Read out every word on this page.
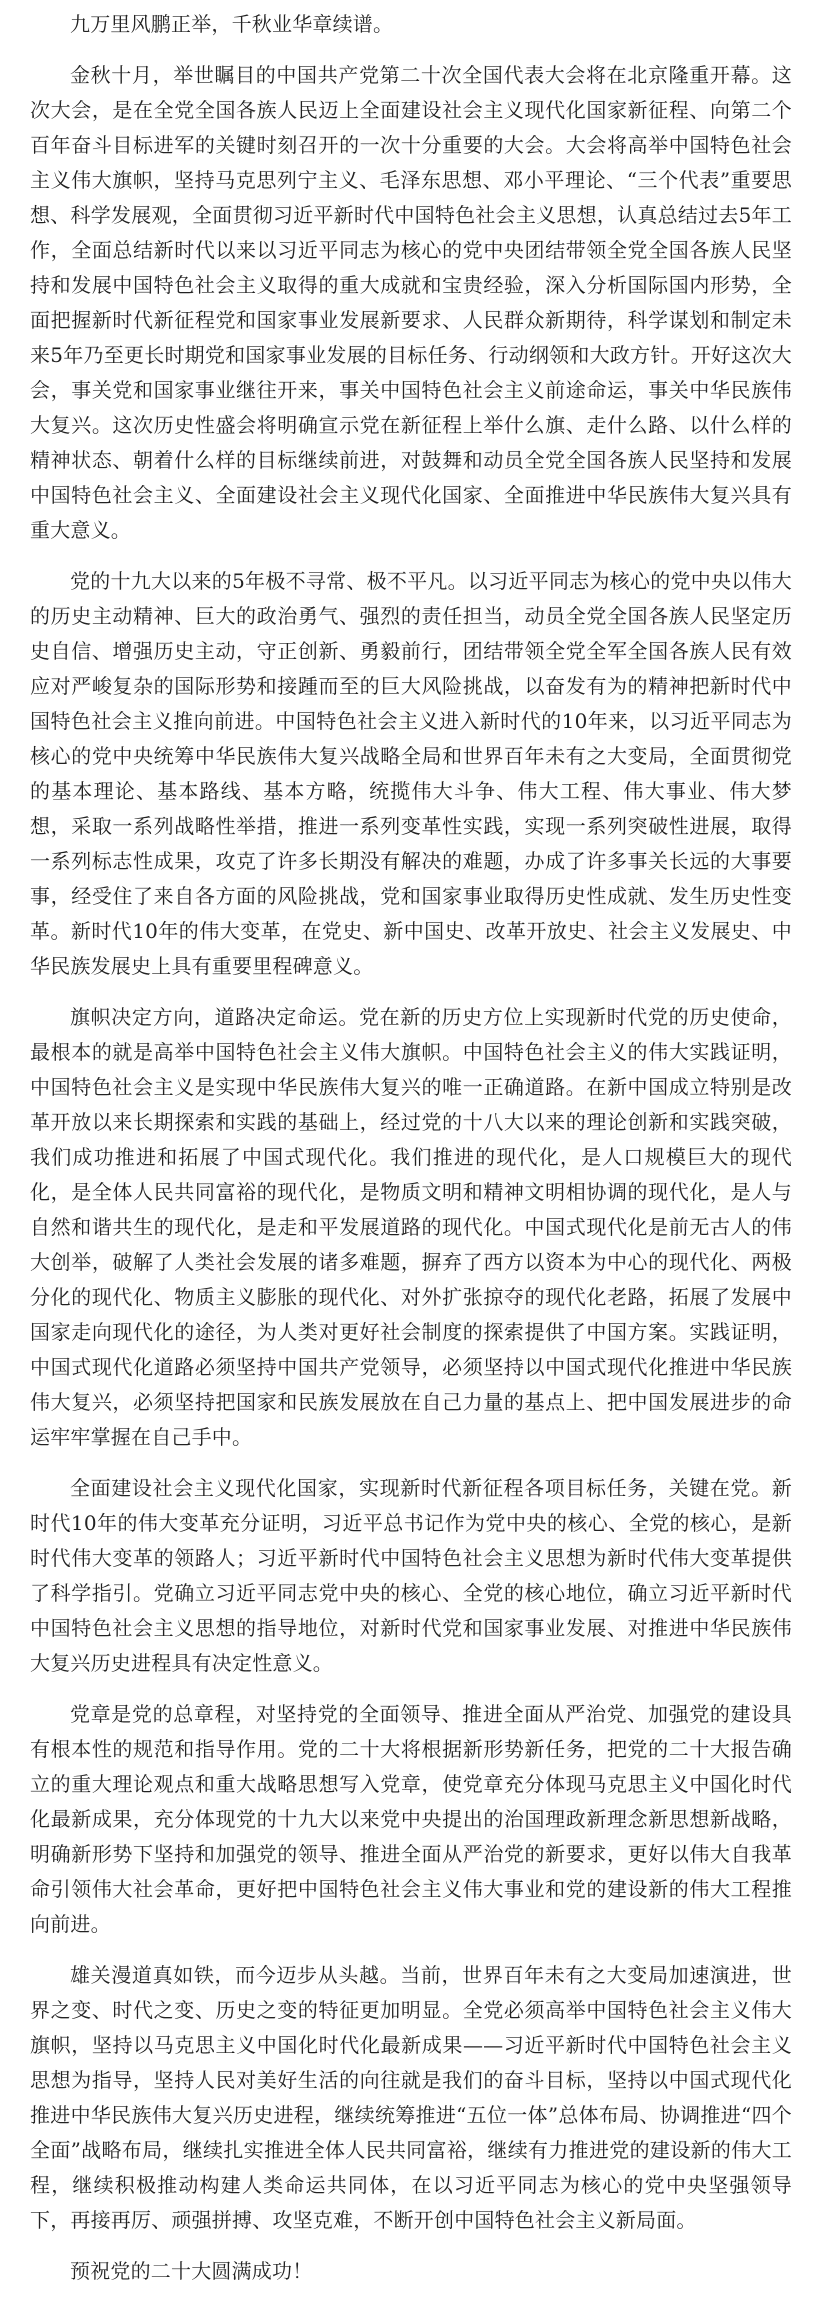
九万里风鹏正举，千秋业华章续谱。

金秋十月，举世瞩目的中国共产党第二十次全国代表大会将在北京隆重开幕。这次大会，是在全党全国各族人民迈上全面建设社会主义现代化国家新征程、向第二个百年奋斗目标进军的关键时刻召开的一次十分重要的大会。大会将高举中国特色社会主义伟大旗帜，坚持马克思列宁主义、毛泽东思想、邓小平理论、“三个代表”重要思想、科学发展观，全面贯彻习近平新时代中国特色社会主义思想，认真总结过去5年工作，全面总结新时代以来以习近平同志为核心的党中央团结带领全党全国各族人民坚持和发展中国特色社会主义取得的重大成就和宝贵经验，深入分析国际国内形势，全面把握新时代新征程党和国家事业发展新要求、人民群众新期待，科学谋划和制定未来5年乃至更长时期党和国家事业发展的目标任务、行动纲领和大政方针。开好这次大会，事关党和国家事业继往开来，事关中国特色社会主义前途命运，事关中华民族伟大复兴。这次历史性盛会将明确宣示党在新征程上举什么旗、走什么路、以什么样的精神状态、朝着什么样的目标继续前进，对鼓舞和动员全党全国各族人民坚持和发展中国特色社会主义、全面建设社会主义现代化国家、全面推进中华民族伟大复兴具有重大意义。

党的十九大以来的5年极不寻常、极不平凡。以习近平同志为核心的党中央以伟大的历史主动精神、巨大的政治勇气、强烈的责任担当，动员全党全国各族人民坚定历史自信、增强历史主动，守正创新、勇毅前行，团结带领全党全军全国各族人民有效应对严峻复杂的国际形势和接踵而至的巨大风险挑战，以奋发有为的精神把新时代中国特色社会主义推向前进。中国特色社会主义进入新时代的10年来，以习近平同志为核心的党中央统筹中华民族伟大复兴战略全局和世界百年未有之大变局，全面贯彻党的基本理论、基本路线、基本方略，统揽伟大斗争、伟大工程、伟大事业、伟大梦想，采取一系列战略性举措，推进一系列变革性实践，实现一系列突破性进展，取得一系列标志性成果，攻克了许多长期没有解决的难题，办成了许多事关长远的大事要事，经受住了来自各方面的风险挑战，党和国家事业取得历史性成就、发生历史性变革。新时代10年的伟大变革，在党史、新中国史、改革开放史、社会主义发展史、中华民族发展史上具有重要里程碑意义。

旗帜决定方向，道路决定命运。党在新的历史方位上实现新时代党的历史使命，最根本的就是高举中国特色社会主义伟大旗帜。中国特色社会主义的伟大实践证明，中国特色社会主义是实现中华民族伟大复兴的唯一正确道路。在新中国成立特别是改革开放以来长期探索和实践的基础上，经过党的十八大以来的理论创新和实践突破，我们成功推进和拓展了中国式现代化。我们推进的现代化，是人口规模巨大的现代化，是全体人民共同富裕的现代化，是物质文明和精神文明相协调的现代化，是人与自然和谐共生的现代化，是走和平发展道路的现代化。中国式现代化是前无古人的伟大创举，破解了人类社会发展的诸多难题，摒弃了西方以资本为中心的现代化、两极分化的现代化、物质主义膨胀的现代化、对外扩张掠夺的现代化老路，拓展了发展中国家走向现代化的途径，为人类对更好社会制度的探索提供了中国方案。实践证明，中国式现代化道路必须坚持中国共产党领导，必须坚持以中国式现代化推进中华民族伟大复兴，必须坚持把国家和民族发展放在自己力量的基点上、把中国发展进步的命运牢牢掌握在自己手中。

全面建设社会主义现代化国家，实现新时代新征程各项目标任务，关键在党。新时代10年的伟大变革充分证明，习近平总书记作为党中央的核心、全党的核心，是新时代伟大变革的领路人；习近平新时代中国特色社会主义思想为新时代伟大变革提供了科学指引。党确立习近平同志党中央的核心、全党的核心地位，确立习近平新时代中国特色社会主义思想的指导地位，对新时代党和国家事业发展、对推进中华民族伟大复兴历史进程具有决定性意义。

党章是党的总章程，对坚持党的全面领导、推进全面从严治党、加强党的建设具有根本性的规范和指导作用。党的二十大将根据新形势新任务，把党的二十大报告确立的重大理论观点和重大战略思想写入党章，使党章充分体现马克思主义中国化时代化最新成果，充分体现党的十九大以来党中央提出的治国理政新理念新思想新战略，明确新形势下坚持和加强党的领导、推进全面从严治党的新要求，更好以伟大自我革命引领伟大社会革命，更好把中国特色社会主义伟大事业和党的建设新的伟大工程推向前进。

雄关漫道真如铁，而今迈步从头越。当前，世界百年未有之大变局加速演进，世界之变、时代之变、历史之变的特征更加明显。全党必须高举中国特色社会主义伟大旗帜，坚持以马克思主义中国化时代化最新成果——习近平新时代中国特色社会主义思想为指导，坚持人民对美好生活的向往就是我们的奋斗目标，坚持以中国式现代化推进中华民族伟大复兴历史进程，继续统筹推进“五位一体”总体布局、协调推进“四个全面”战略布局，继续扎实推进全体人民共同富裕，继续有力推进党的建设新的伟大工程，继续积极推动构建人类命运共同体，在以习近平同志为核心的党中央坚强领导下，再接再厉、顽强拼搏、攻坚克难，不断开创中国特色社会主义新局面。

预祝党的二十大圆满成功！
